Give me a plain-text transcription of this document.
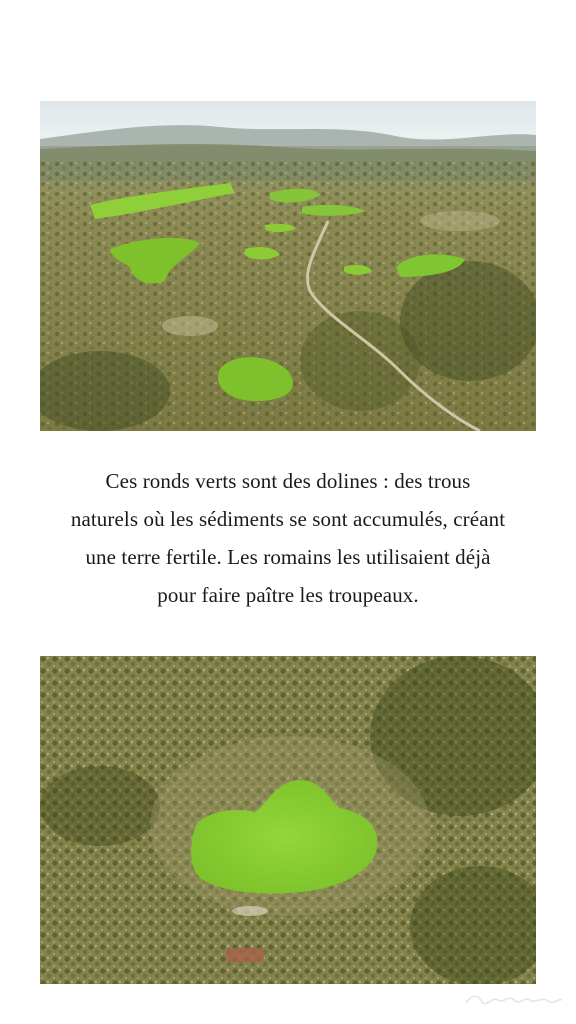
Ces ronds verts sont des dolines : des trous
naturels où les sédiments se sont accumulés, créant
une terre fertile. Les romains les utilisaient déjà
pour faire paître les troupeaux.
